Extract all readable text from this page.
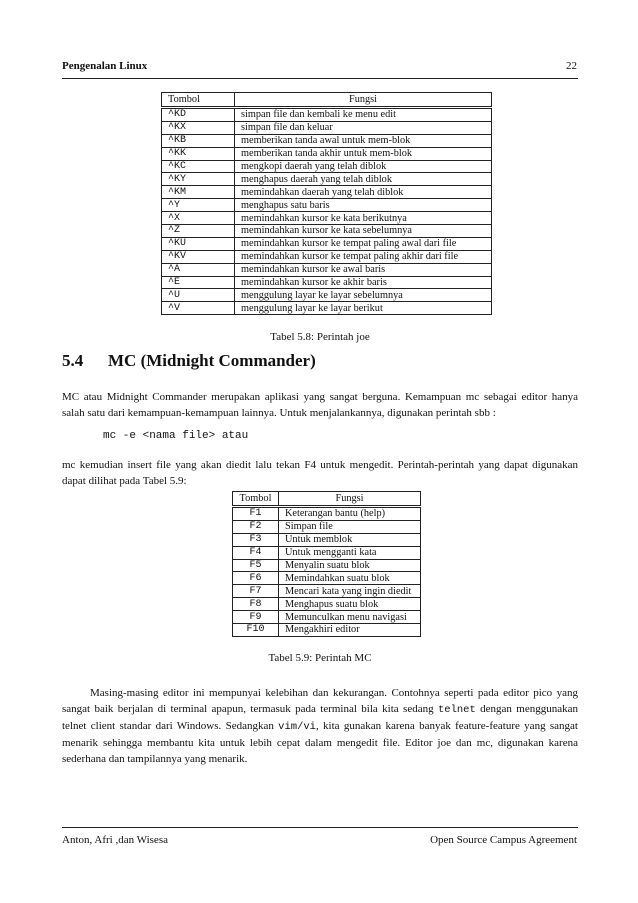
Pengenalan Linux	22
Tombol	Fungsi
^KD	simpan file dan kembali ke menu edit
^KX	simpan file dan keluar
^KB	memberikan tanda awal untuk mem-blok
^KK	memberikan tanda akhir untuk mem-blok
^KC	mengkopi daerah yang telah diblok
^KY	menghapus daerah yang telah diblok
^KM	memindahkan daerah yang telah diblok
^Y	menghapus satu baris
^X	memindahkan kursor ke kata berikutnya
^Z	memindahkan kursor ke kata sebelumnya
^KU	memindahkan kursor ke tempat paling awal dari file
^KV	memindahkan kursor ke tempat paling akhir dari file
^A	memindahkan kursor ke awal baris
^E	memindahkan kursor ke akhir baris
^U	menggulung layar ke layar sebelumnya
^V	menggulung layar ke layar berikut
Tabel 5.8: Perintah joe
5.4 MC (Midnight Commander)
MC atau Midnight Commander merupakan aplikasi yang sangat berguna. Kemampuan mc sebagai editor hanya salah satu dari kemampuan-kemampuan lainnya. Untuk menjalankannya, digunakan perintah sbb :
mc -e <nama file> atau
mc kemudian insert file yang akan diedit lalu tekan F4 untuk mengedit. Perintah-perintah yang dapat digunakan dapat dilihat pada Tabel 5.9:
Tombol	Fungsi
F1	Keterangan bantu (help)
F2	Simpan file
F3	Untuk memblok
F4	Untuk mengganti kata
F5	Menyalin suatu blok
F6	Memindahkan suatu blok
F7	Mencari kata yang ingin diedit
F8	Menghapus suatu blok
F9	Memunculkan menu navigasi
F10	Mengakhiri editor
Tabel 5.9: Perintah MC
Masing-masing editor ini mempunyai kelebihan dan kekurangan. Contohnya seperti pada editor pico yang sangat baik berjalan di terminal apapun, termasuk pada terminal bila kita sedang telnet dengan menggunakan telnet client standar dari Windows. Sedangkan vim/vi, kita gunakan karena banyak feature-feature yang sangat menarik sehingga membantu kita untuk lebih cepat dalam mengedit file. Editor joe dan mc, digunakan karena sederhana dan tampilannya yang menarik.
Anton, Afri ,dan Wisesa	Open Source Campus Agreement
